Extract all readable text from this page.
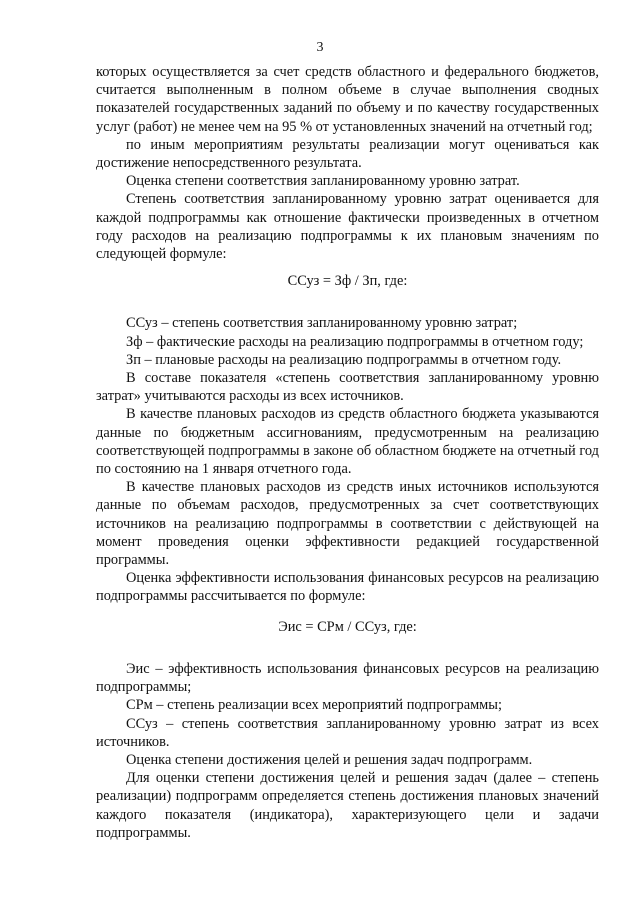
3

которых осуществляется за счет средств областного и федерального бюджетов, считается выполненным в полном объеме в случае выполнения сводных показателей государственных заданий по объему и по качеству государственных услуг (работ) не менее чем на 95 % от установленных значений на отчетный год;

по иным мероприятиям результаты реализации могут оцениваться как достижение непосредственного результата.

Оценка степени соответствия запланированному уровню затрат.

Степень соответствия запланированному уровню затрат оценивается для каждой подпрограммы как отношение фактически произведенных в отчетном году расходов на реализацию подпрограммы к их плановым значениям по следующей формуле:

ССуз = Зф / Зп, где:

ССуз – степень соответствия запланированному уровню затрат;

Зф – фактические расходы на реализацию подпрограммы в отчетном году;

Зп – плановые расходы на реализацию подпрограммы в отчетном году.

В составе показателя «степень соответствия запланированному уровню затрат» учитываются расходы из всех источников.

В качестве плановых расходов из средств областного бюджета указываются данные по бюджетным ассигнованиям, предусмотренным на реализацию соответствующей подпрограммы в законе об областном бюджете на отчетный год по состоянию на 1 января отчетного года.

В качестве плановых расходов из средств иных источников используются данные по объемам расходов, предусмотренных за счет соответствующих источников на реализацию подпрограммы в соответствии с действующей на момент проведения оценки эффективности редакцией государственной программы.

Оценка эффективности использования финансовых ресурсов на реализацию подпрограммы рассчитывается по формуле:

Эис = СРм / ССуз, где:

Эис – эффективность использования финансовых ресурсов на реализацию подпрограммы;

СРм – степень реализации всех мероприятий подпрограммы;

ССуз – степень соответствия запланированному уровню затрат из всех источников.

Оценка степени достижения целей и решения задач подпрограмм.

Для оценки степени достижения целей и решения задач (далее – степень реализации) подпрограмм определяется степень достижения плановых значений каждого показателя (индикатора), характеризующего цели и задачи подпрограммы.
